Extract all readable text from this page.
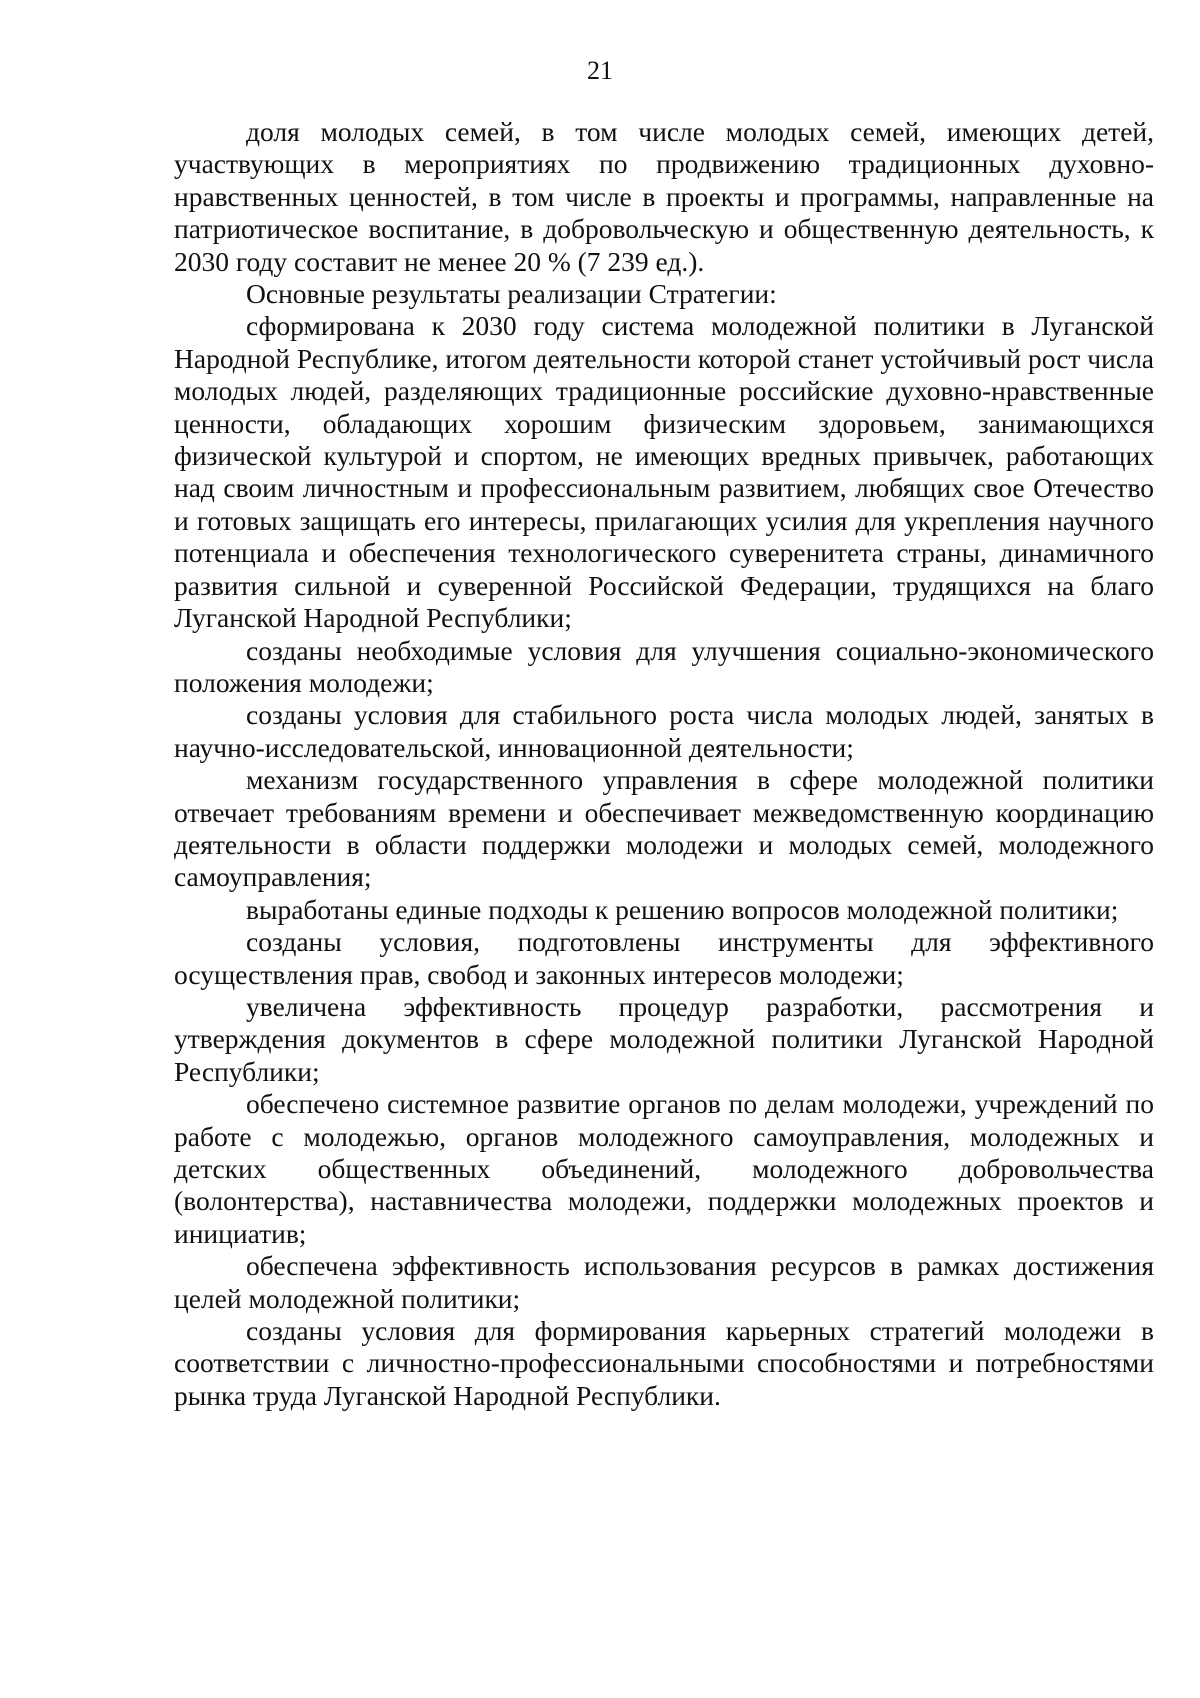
21

доля молодых семей, в том числе молодых семей, имеющих детей, участвующих в мероприятиях по продвижению традиционных духовно-нравственных ценностей, в том числе в проекты и программы, направленные на патриотическое воспитание, в добровольческую и общественную деятельность, к 2030 году составит не менее 20 % (7 239 ед.).

Основные результаты реализации Стратегии:

сформирована к 2030 году система молодежной политики в Луганской Народной Республике, итогом деятельности которой станет устойчивый рост числа молодых людей, разделяющих традиционные российские духовно-нравственные ценности, обладающих хорошим физическим здоровьем, занимающихся физической культурой и спортом, не имеющих вредных привычек, работающих над своим личностным и профессиональным развитием, любящих свое Отечество и готовых защищать его интересы, прилагающих усилия для укрепления научного потенциала и обеспечения технологического суверенитета страны, динамичного развития сильной и суверенной Российской Федерации, трудящихся на благо Луганской Народной Республики;

созданы необходимые условия для улучшения социально-экономического положения молодежи;

созданы условия для стабильного роста числа молодых людей, занятых в научно-исследовательской, инновационной деятельности;

механизм государственного управления в сфере молодежной политики отвечает требованиям времени и обеспечивает межведомственную координацию деятельности в области поддержки молодежи и молодых семей, молодежного самоуправления;

выработаны единые подходы к решению вопросов молодежной политики;

созданы условия, подготовлены инструменты для эффективного осуществления прав, свобод и законных интересов молодежи;

увеличена эффективность процедур разработки, рассмотрения и утверждения документов в сфере молодежной политики Луганской Народной Республики;

обеспечено системное развитие органов по делам молодежи, учреждений по работе с молодежью, органов молодежного самоуправления, молодежных и детских общественных объединений, молодежного добровольчества (волонтерства), наставничества молодежи, поддержки молодежных проектов и инициатив;

обеспечена эффективность использования ресурсов в рамках достижения целей молодежной политики;

созданы условия для формирования карьерных стратегий молодежи в соответствии с личностно-профессиональными способностями и потребностями рынка труда Луганской Народной Республики.
